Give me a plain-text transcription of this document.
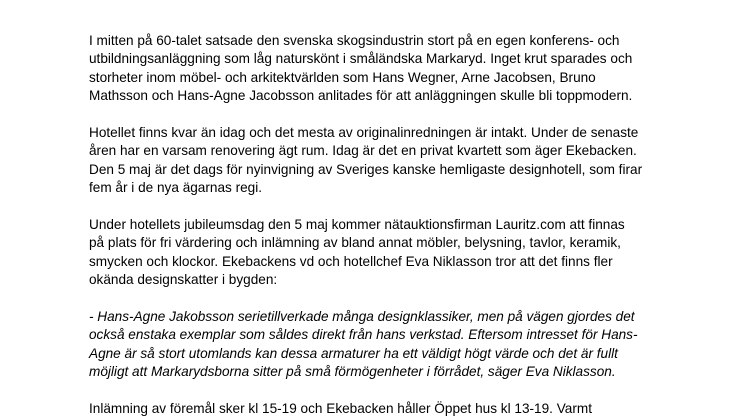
I mitten på 60-talet satsade den svenska skogsindustrin stort på en egen konferens- och
utbildningsanläggning som låg naturskönt i småländska Markaryd. Inget krut sparades och
storheter inom möbel- och arkitektvärlden som Hans Wegner, Arne Jacobsen, Bruno
Mathsson och Hans-Agne Jacobsson anlitades för att anläggningen skulle bli toppmodern.

Hotellet finns kvar än idag och det mesta av originalinredningen är intakt. Under de senaste
åren har en varsam renovering ägt rum. Idag är det en privat kvartett som äger Ekebacken.
Den 5 maj är det dags för nyinvigning av Sveriges kanske hemligaste designhotell, som firar
fem år i de nya ägarnas regi.

Under hotellets jubileumsdag den 5 maj kommer nätauktionsfirman Lauritz.com att finnas
på plats för fri värdering och inlämning av bland annat möbler, belysning, tavlor, keramik,
smycken och klockor. Ekebackens vd och hotellchef Eva Niklasson tror att det finns fler
okända designskatter i bygden:

- Hans-Agne Jakobsson serietillverkade många designklassiker, men på vägen gjordes det
också enstaka exemplar som såldes direkt från hans verkstad. Eftersom intresset för Hans-
Agne är så stort utomlands kan dessa armaturer ha ett väldigt högt värde och det är fullt
möjligt att Markarydsborna sitter på små förmögenheter i förrådet, säger Eva Niklasson.

Inlämning av föremål sker kl 15-19 och Ekebacken håller Öppet hus kl 13-19. Varmt
